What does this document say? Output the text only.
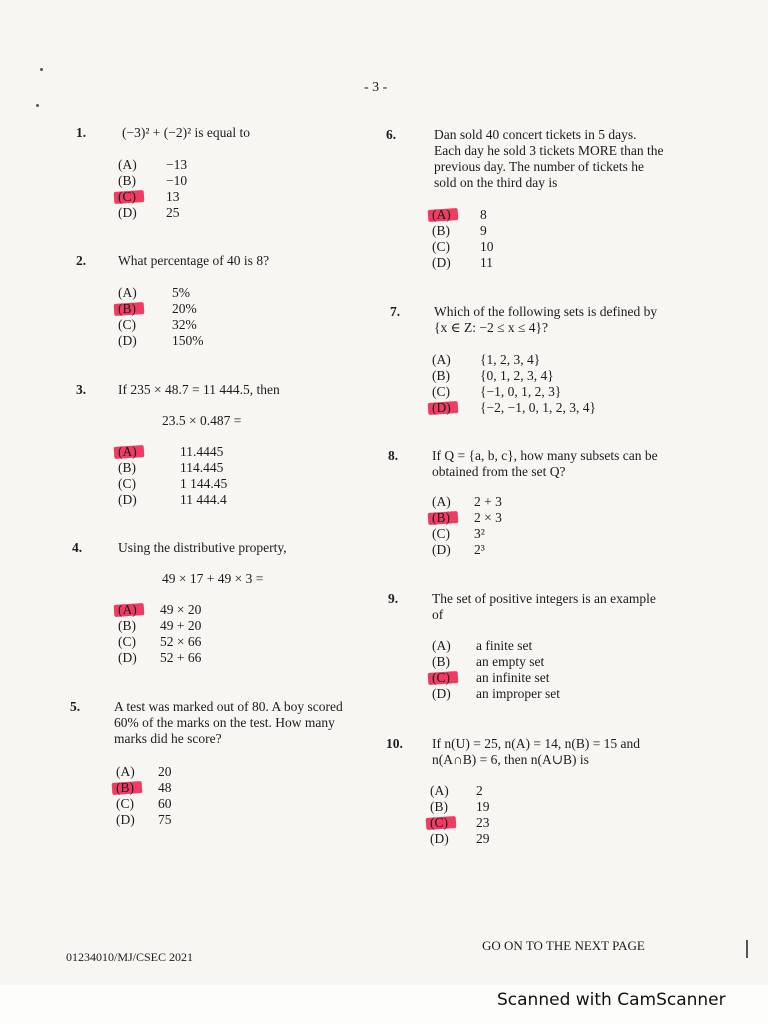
- 3 -
1.	(−3)² + (−2)² is equal to
(A) −13
(B) −10
(C) 13
(D) 25
2. What percentage of 40 is 8?
(A)	5%
(B)	20%
(C)	32%
(D)	150%
3. If 235 × 48.7 = 11 444.5, then
23.5 × 0.487 =
(A)	11.4445
(B)	114.445
(C)	1 144.45
(D)	11 444.4
4.	Using the distributive property,
49 × 17 + 49 × 3 =
(A) 49 × 20
(B) 49 + 20
(C) 52 × 66
(D) 52 + 66
5.	A test was marked out of 80. A boy scored
60% of the marks on the test. How many
marks did he score?
(A) 20
(B) 48
(C) 60
(D) 75
6.	Dan sold 40 concert tickets in 5 days.
Each day he sold 3 tickets MORE than the
previous day. The number of tickets he
sold on the third day is
(A) 8
(B) 9
(C) 10
(D) 11
7.	Which of the following sets is defined by
{x ∈ Z: −2 ≤ x ≤ 4}?
(A) {1, 2, 3, 4}
(B) {0, 1, 2, 3, 4}
(C) {−1, 0, 1, 2, 3}
(D) {−2, −1, 0, 1, 2, 3, 4}
8.	If Q = {a, b, c}, how many subsets can be
obtained from the set Q?
(A) 2 + 3
(B) 2 × 3
(C) 3²
(D) 2³
9.	The set of positive integers is an example
of
(A) a finite set
(B) an empty set
(C) an infinite set
(D) an improper set
10. If n(U) = 25, n(A) = 14, n(B) = 15 and
n(A∩B) = 6, then n(A∪B) is
(A) 2
(B) 19
(C) 23
(D) 29
01234010/MJ/CSEC 2021
GO ON TO THE NEXT PAGE
Scanned with CamScanner
